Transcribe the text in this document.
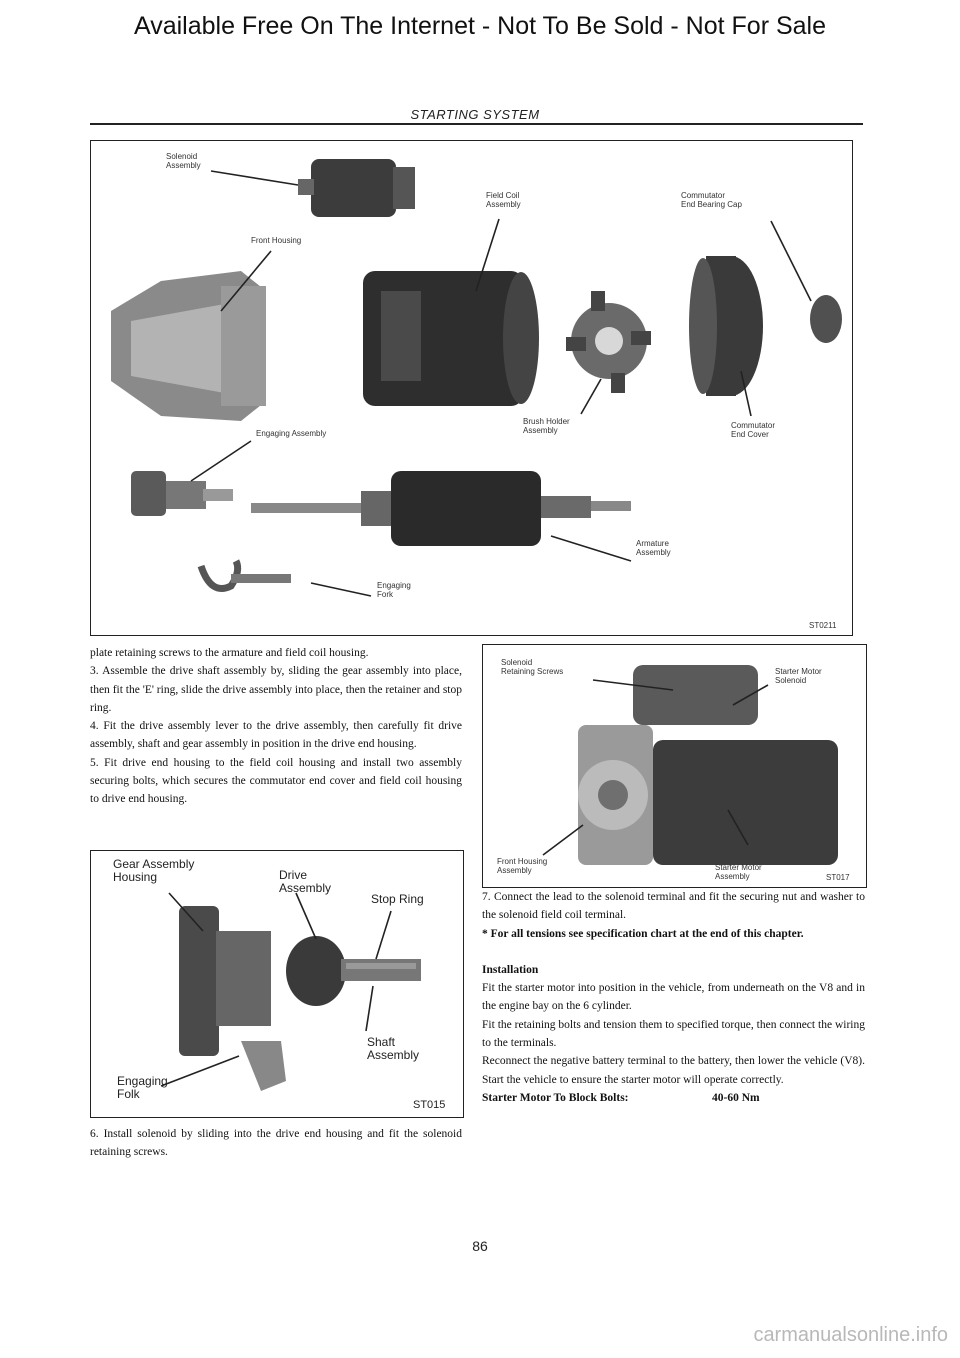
Available Free On The Internet - Not To Be Sold - Not For Sale
STARTING SYSTEM
Solenoid
Assembly
Field Coil
Assembly
Commutator
End Bearing Cap
Front Housing
Engaging Assembly
Brush Holder
Assembly
Commutator
End Cover
Armature
Assembly
Engaging
Fork
ST0211

plate retaining screws to the armature and field coil housing.

3. Assemble the drive shaft assembly by, sliding the gear assembly into place, then fit the 'E' ring, slide the drive assembly into place, then the retainer and stop ring.

4. Fit the drive assembly lever to the drive assembly, then carefully fit drive assembly, shaft and gear assembly in position in the drive end housing.

5. Fit drive end housing to the field coil housing and install two assembly securing bolts, which secures the commutator end cover and field coil housing to drive end housing.

Solenoid
Retaining Screws	Starter Motor
Solenoid
Front Housing
Assembly	Starter Motor
Assembly	ST017
Gear Assembly
Housing	Drive
Assembly
Stop Ring
Shaft
Assembly
Engaging
Folk
ST015
6. Install solenoid by sliding into the drive end housing and fit the solenoid retaining screws.

7. Connect the lead to the solenoid terminal and fit the securing nut and washer to the solenoid field coil terminal.

* For all tensions see specification chart at the end of this chapter.

Installation

Fit the starter motor into position in the vehicle, from underneath on the V8 and in the engine bay on the 6 cylinder.

Fit the retaining bolts and tension them to specified torque, then connect the wiring to the terminals.

Reconnect the negative battery terminal to the battery, then lower the vehicle (V8). Start the vehicle to ensure the starter motor will operate correctly.

Starter Motor To Block Bolts:	40-60 Nm

86
carmanualsonline.info
